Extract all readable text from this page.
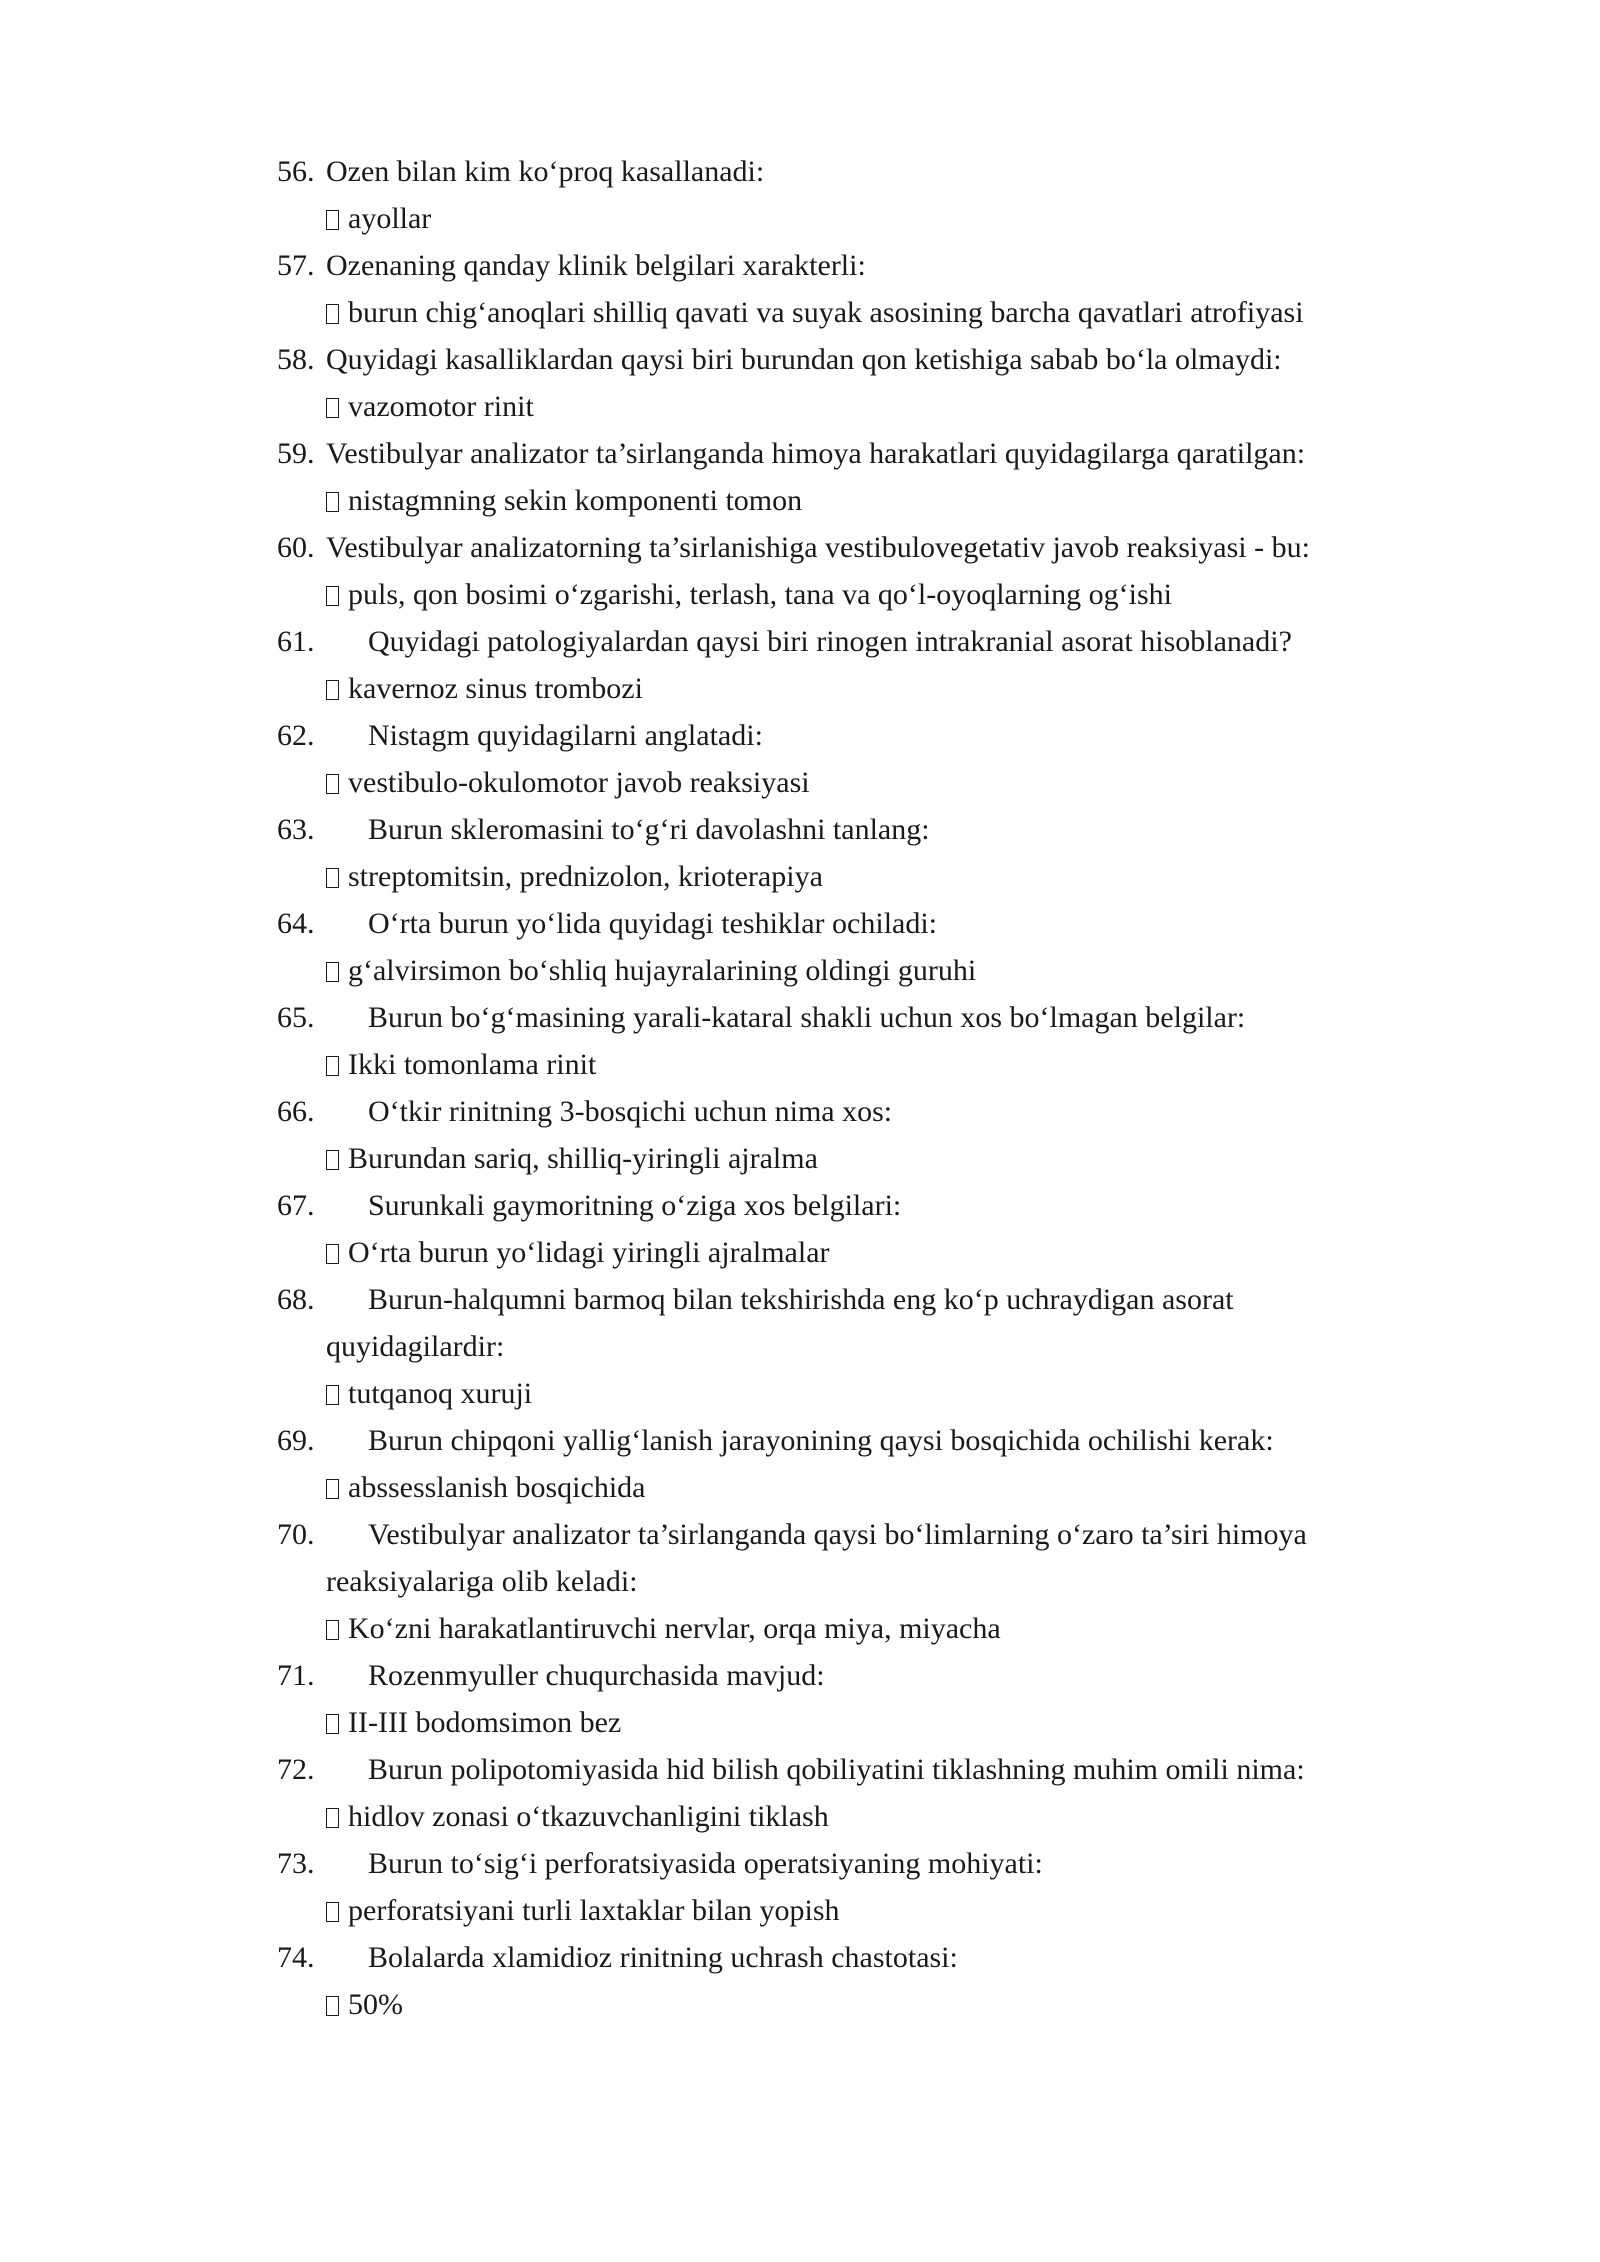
56. Ozen bilan kim ko‘proq kasallanadi:
ayollar
57. Ozenaning qanday klinik belgilari xarakterli:
burun chig‘anoqlari shilliq qavati va suyak asosining barcha qavatlari atrofiyasi
58. Quyidagi kasalliklardan qaysi biri burundan qon ketishiga sabab bo‘la olmaydi:
vazomotor rinit
59. Vestibulyar analizator ta’sirlanganda himoya harakatlari quyidagilarga qaratilgan:
nistagmning sekin komponenti tomon
60. Vestibulyar analizatorning ta’sirlanishiga vestibulovegetativ javob reaksiyasi - bu:
puls, qon bosimi o‘zgarishi, terlash, tana va qo‘l-oyoqlarning og‘ishi
61. Quyidagi patologiyalardan qaysi biri rinogen intrakranial asorat hisoblanadi?
kavernoz sinus trombozi
62. Nistagm quyidagilarni anglatadi:
vestibulo-okulomotor javob reaksiyasi
63. Burun skleromasini to‘g‘ri davolashni tanlang:
streptomitsin, prednizolon, krioterapiya
64. O‘rta burun yo‘lida quyidagi teshiklar ochiladi:
g‘alvirsimon bo‘shliq hujayralarining oldingi guruhi
65. Burun bo‘g‘masining yarali-kataral shakli uchun xos bo‘lmagan belgilar:
Ikki tomonlama rinit
66. O‘tkir rinitning 3-bosqichi uchun nima xos:
Burundan sariq, shilliq-yiringli ajralma
67. Surunkali gaymoritning o‘ziga xos belgilari:
O‘rta burun yo‘lidagi yiringli ajralmalar
68. Burun-halqumni barmoq bilan tekshirishda eng ko‘p uchraydigan asorat quyidagilardir:
tutqanoq xuruji
69. Burun chipqoni yallig‘lanish jarayonining qaysi bosqichida ochilishi kerak:
abssesslanish bosqichida
70. Vestibulyar analizator ta’sirlanganda qaysi bo‘limlarning o‘zaro ta’siri himoya reaksiyalariga olib keladi:
Ko‘zni harakatlantiruvchi nervlar, orqa miya, miyacha
71. Rozenmyuller chuqurchasida mavjud:
II-III bodomsimon bez
72. Burun polipotomiyasida hid bilish qobiliyatini tiklashning muhim omili nima:
hidlov zonasi o‘tkazuvchanligini tiklash
73. Burun to‘sig‘i perforatsiyasida operatsiyaning mohiyati:
perforatsiyani turli laxtaklar bilan yopish
74. Bolalarda xlamidioz rinitning uchrash chastotasi:
50%
